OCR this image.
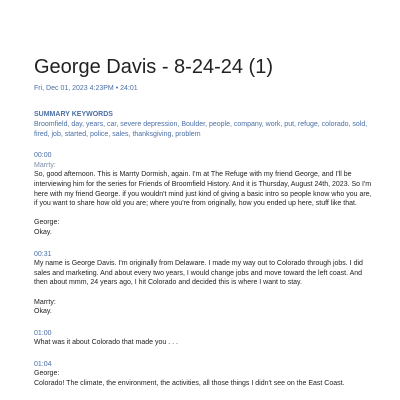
George Davis - 8-24-24 (1)
Fri, Dec 01, 2023 4:23PM • 24:01
SUMMARY KEYWORDS
Broomfield, day, years, car, severe depression, Boulder, people, company, work, put, refuge, colorado, sold, fired, job, started, police, sales, thanksgiving, problem
00:00
Marrty:
So, good afternoon. This is Marrty Dormish, again. I'm at The Refuge with my friend George, and I'll be interviewing him for the series for Friends of Broomfield History. And it is Thursday, August 24th, 2023. So I'm here with my friend George. if you wouldn't mind just kind of giving a basic intro so people know who you are, if you want to share how old you are; where you're from originally, how you ended up here, stuff like that.
George:
Okay.
00:31
My name is George Davis. I'm originally from Delaware. I made my way out to Colorado through jobs. I did sales and marketing. And about every two years, I would change jobs and move toward the left coast. And then about mmm, 24 years ago, I hit Colorado and decided this is where I want to stay.
Marrty:
Okay.
01:00
What was it about Colorado that made you . . .
01:04
George:
Colorado! The climate, the environment, the activities, all those things I didn't see on the East Coast.
